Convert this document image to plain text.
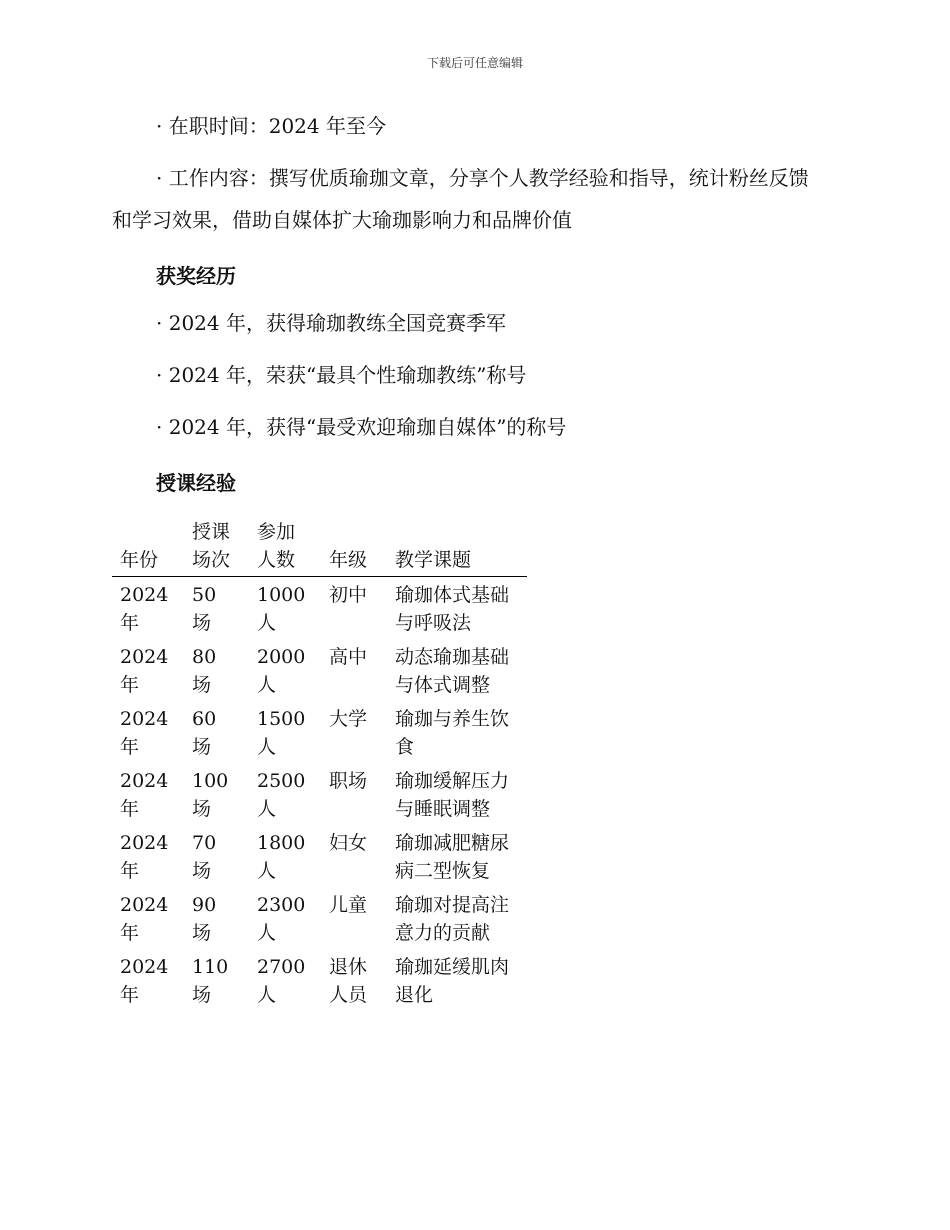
下载后可任意编辑

· 在职时间：2024 年至今

· 工作内容：撰写优质瑜珈文章，分享个人教学经验和指导，统计粉丝反馈和学习效果，借助自媒体扩大瑜珈影响力和品牌价值

获奖经历

· 2024 年，获得瑜珈教练全国竞赛季军

· 2024 年，荣获“最具个性瑜珈教练”称号

· 2024 年，获得“最受欢迎瑜珈自媒体”的称号

授课经验

年份	授课场次	参加人数	年级	教学课题
2024 年	50 场	1000 人	初中	瑜珈体式基础与呼吸法
2024 年	80 场	2000 人	高中	动态瑜珈基础与体式调整
2024 年	60 场	1500 人	大学	瑜珈与养生饮食
2024 年	100 场	2500 人	职场	瑜珈缓解压力与睡眠调整
2024 年	70 场	1800 人	妇女	瑜珈减肥糖尿病二型恢复
2024 年	90 场	2300 人	儿童	瑜珈对提高注意力的贡献
2024 年	110 场	2700 人	退休人员	瑜珈延缓肌肉退化
